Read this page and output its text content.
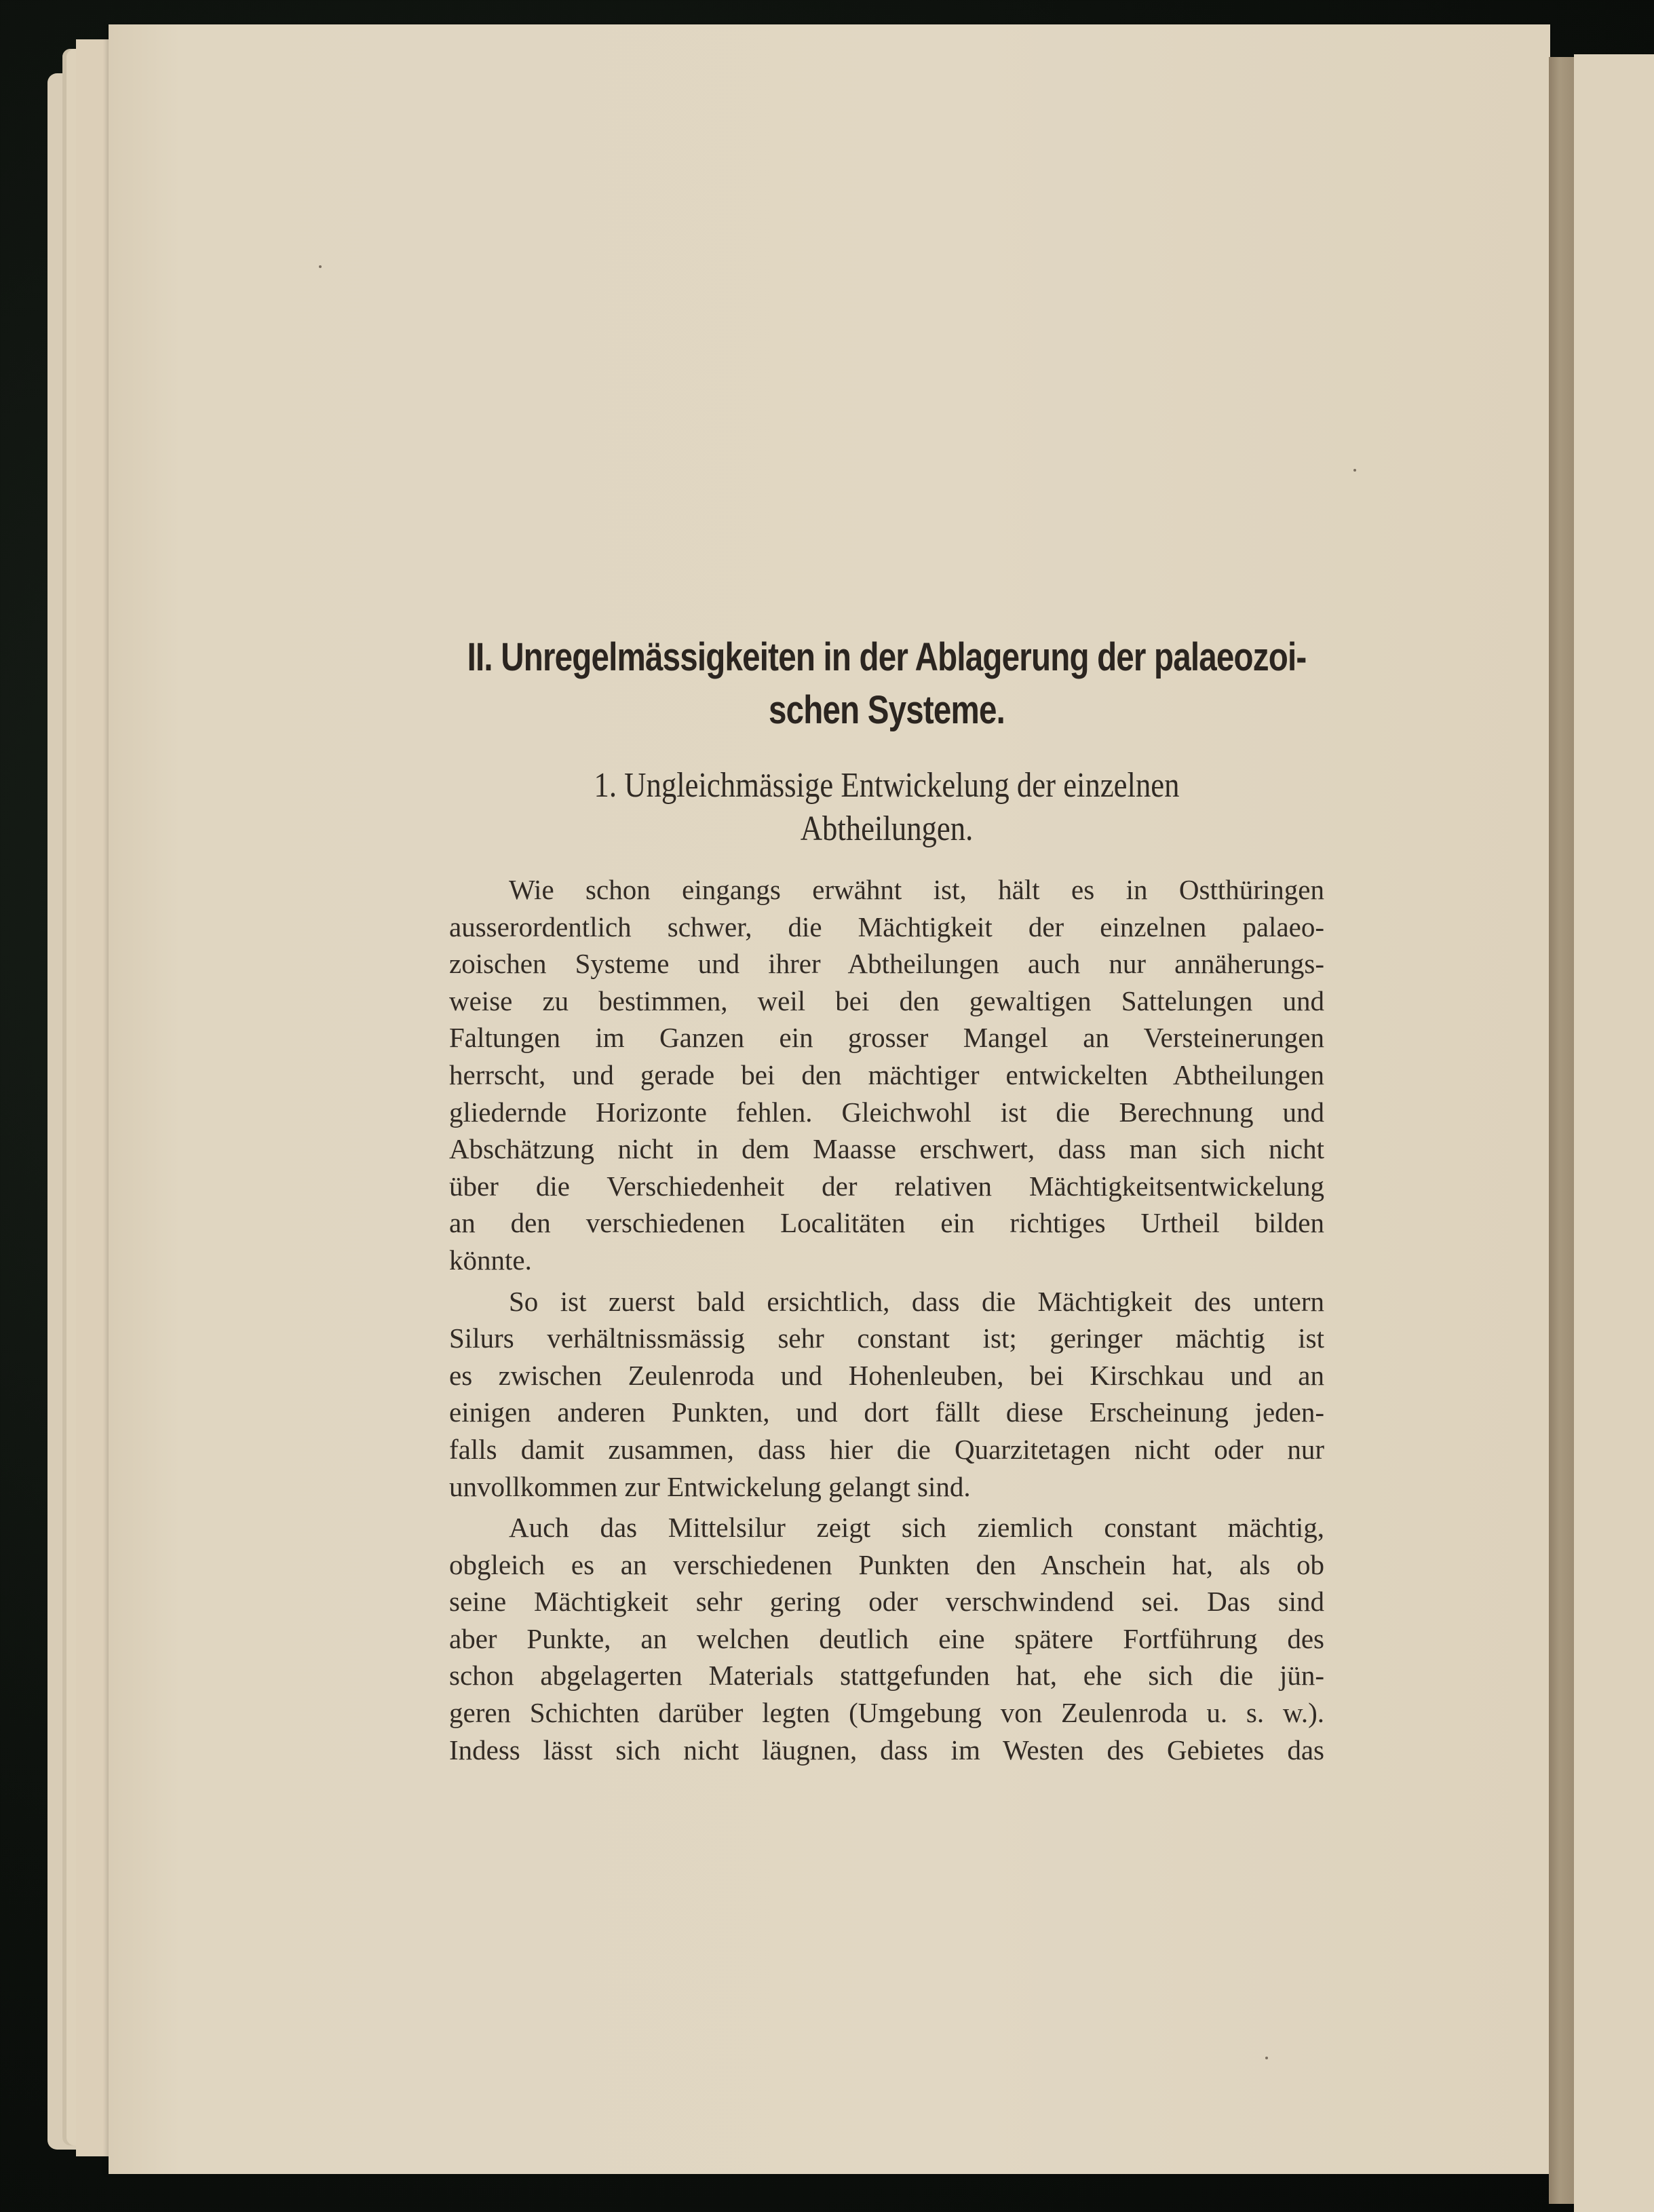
II. Unregelmässigkeiten in der Ablagerung der palaeozoi-
schen Systeme.
1. Ungleichmässige Entwickelung der einzelnen
Abtheilungen.

Wie schon eingangs erwähnt ist, hält es in Ostthüringen
ausserordentlich schwer, die Mächtigkeit der einzelnen palaeo-
zoischen Systeme und ihrer Abtheilungen auch nur annäherungs-
weise zu bestimmen, weil bei den gewaltigen Sattelungen und
Faltungen im Ganzen ein grosser Mangel an Versteinerungen
herrscht, und gerade bei den mächtiger entwickelten Abtheilungen
gliedernde Horizonte fehlen. Gleichwohl ist die Berechnung und
Abschätzung nicht in dem Maasse erschwert, dass man sich nicht
über die Verschiedenheit der relativen Mächtigkeitsentwickelung
an den verschiedenen Localitäten ein richtiges Urtheil bilden
könnte.

So ist zuerst bald ersichtlich, dass die Mächtigkeit des untern
Silurs verhältnissmässig sehr constant ist; geringer mächtig ist
es zwischen Zeulenroda und Hohenleuben, bei Kirschkau und an
einigen anderen Punkten, und dort fällt diese Erscheinung jeden-
falls damit zusammen, dass hier die Quarzitetagen nicht oder nur
unvollkommen zur Entwickelung gelangt sind.

Auch das Mittelsilur zeigt sich ziemlich constant mächtig,
obgleich es an verschiedenen Punkten den Anschein hat, als ob
seine Mächtigkeit sehr gering oder verschwindend sei. Das sind
aber Punkte, an welchen deutlich eine spätere Fortführung des
schon abgelagerten Materials stattgefunden hat, ehe sich die jün-
geren Schichten darüber legten (Umgebung von Zeulenroda u. s. w.).
Indess lässt sich nicht läugnen, dass im Westen des Gebietes das
